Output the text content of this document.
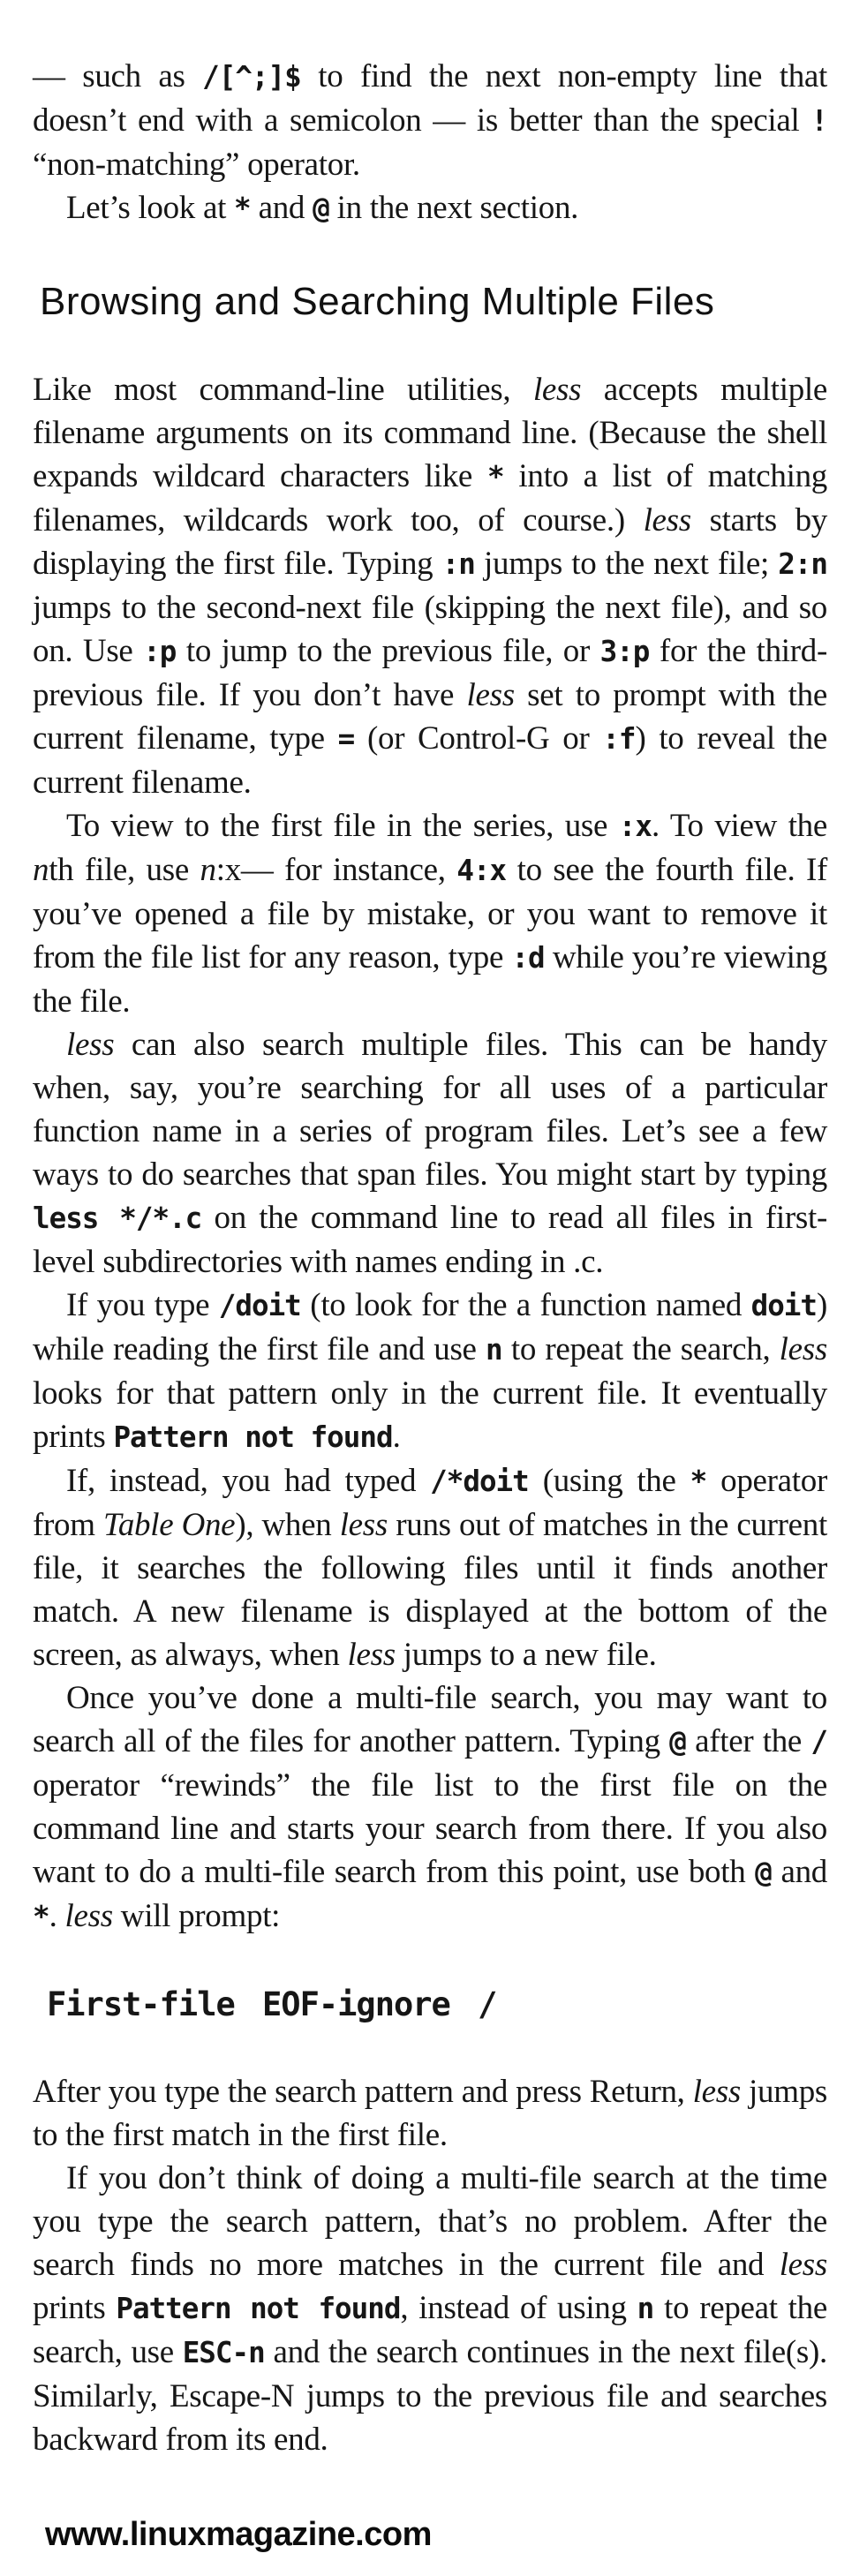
— such as /[^;]$ to find the next non-empty line that doesn’t end with a semicolon — is better than the special ! “non-matching” operator.

Let’s look at * and @ in the next section.

Browsing and Searching Multiple Files

Like most command-line utilities, less accepts multiple filename arguments on its command line. (Because the shell expands wildcard characters like * into a list of matching filenames, wildcards work too, of course.) less starts by displaying the first file. Typing :n jumps to the next file; 2:n jumps to the second-next file (skipping the next file), and so on. Use :p to jump to the previous file, or 3:p for the third-previous file. If you don’t have less set to prompt with the current filename, type = (or Control-G or :f) to reveal the current filename.

To view to the first file in the series, use :x. To view the nth file, use n:x— for instance, 4:x to see the fourth file. If you’ve opened a file by mistake, or you want to remove it from the file list for any reason, type :d while you’re viewing the file.

less can also search multiple files. This can be handy when, say, you’re searching for all uses of a particular function name in a series of program files. Let’s see a few ways to do searches that span files. You might start by typing less */*.c on the command line to read all files in first-level subdirectories with names ending in .c.

If you type /doit (to look for the a function named doit) while reading the first file and use n to repeat the search, less looks for that pattern only in the current file. It eventually prints Pattern not found.

If, instead, you had typed /*doit (using the * operator from Table One), when less runs out of matches in the current file, it searches the following files until it finds another match. A new filename is displayed at the bottom of the screen, as always, when less jumps to a new file.

Once you’ve done a multi-file search, you may want to search all of the files for another pattern. Typing @ after the / operator “rewinds” the file list to the first file on the command line and starts your search from there. If you also want to do a multi-file search from this point, use both @ and *. less will prompt:

First-file EOF-ignore /

After you type the search pattern and press Return, less jumps to the first match in the first file.

If you don’t think of doing a multi-file search at the time you type the search pattern, that’s no problem. After the search finds no more matches in the current file and less prints Pattern not found, instead of using n to repeat the search, use ESC-n and the search continues in the next file(s). Similarly, Escape-N jumps to the previous file and searches backward from its end.

www.linuxmagazine.com
